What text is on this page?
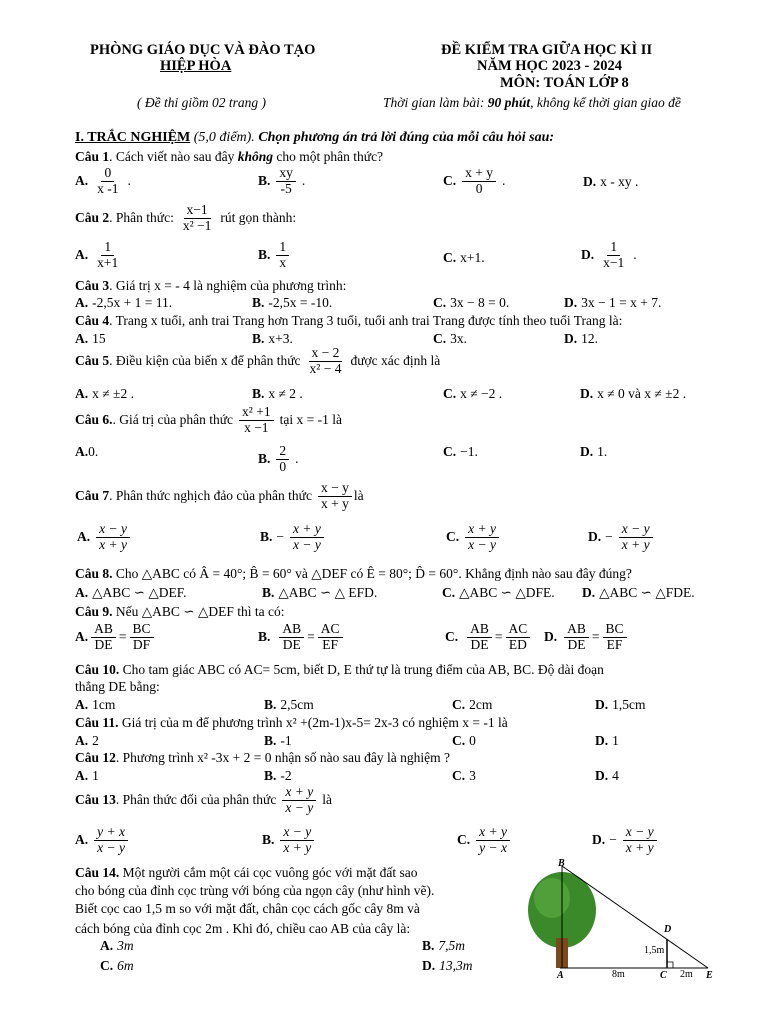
PHÒNG GIÁO DỤC VÀ ĐÀO TẠO
HIỆP HÒA
( Đề thi giồm 02 trang )
ĐỀ KIỂM TRA GIỮA HỌC KÌ II
NĂM HỌC 2023 - 2024
MÔN: TOÁN LỚP 8
Thời gian làm bài: 90 phút, không kể thời gian giao đề
I. TRẮC NGHIỆM (5,0 điểm). Chọn phương án trả lời đúng của mỗi câu hỏi sau:
Câu 1. Cách viết nào sau đây không cho một phân thức?
A. $\frac{0}{x -1}$ .	B. $\frac{xy}{-5}$ .	C. $\frac{x + y}{0}$ .	D. x - xy .
Câu 2 . Phân thức: $\frac{x-1}{\text{x² −1}}$ rút gọn thành:
A. $\frac{1}{x+1}$	B. $\frac{1}{x}$	C. x+1.	D. $\frac{1}{x-1}$ .
Câu 3. Giá trị x = - 4 là nghiệm của phương trình:
A. -2,5x + 1 = 11.	B. -2,5x = -10.	C. 3x − 8 = 0.	D. 3x − 1 = x + 7.
Câu 4. Trang x tuổi, anh trai Trang hơn Trang 3 tuổi, tuổi anh trai Trang được tính theo tuổi Trang là:
A. 15	B. x+3.	C. 3x.	D. 12.
Câu 5 . Điều kiện của biến x để phân thức $\frac{x - 2}{\text{x² − 4}}$ được xác định là
A. x ≠ ±2 .	B. x ≠ 2 .	C. x ≠ −2 .	D. x ≠ 0 và x ≠ ±2 .
Câu 6. . Giá trị của phân thức $\frac{\text{x² +1}}{x -1}$ tại x = -1 là
A. 0.	B. $\frac{2}{0}$ .	C. −1.	D. 1.
Câu 7 . Phân thức nghịch đảo của phân thức $\frac{x - y}{x + y}$ là
A. $\frac{x - y}{x + y}$	B. − $\frac{x + y}{x - y}$	C. $\frac{x + y}{x - y}$	D. − $\frac{x - y}{x + y}$
Câu 8. Cho △ABC có Â = 40°; B̂ = 60° và △DEF có Ê = 80°; D̂ = 60°. Khẳng định nào sau đây đúng?
A. △ABC ∽ △DEF.	B. △ABC ∽ △ EFD.	C. △ABC ∽ △DFE. D. △ABC ∽ △FDE.
Câu 9. Nếu △ABC ∽ △DEF thì ta có:
A. $\frac{AB}{DE} = \frac{BC}{DF}$	B. $\frac{AB}{DE} = \frac{AC}{EF}$	C. $\frac{AB}{DE} = \frac{AC}{ED} D$. $\frac{AB}{DE} = \frac{BC}{EF}$
Câu 10. Cho tam giác ABC có AC= 5cm, biết D, E thứ tự là trung điểm của AB, BC. Độ dài đoạn
thẳng DE bằng:
A. 1cm	B. 2,5cm	C. 2cm	D. 1,5cm
Câu 11. Giá trị của m để phương trình x² +(2m-1)x-5= 2x-3 có nghiệm x = -1 là
A. 2	B. -1	C. 0	D. 1
Câu 12. Phương trình x² -3x + 2 = 0 nhận số nào sau đây là nghiệm ?
A. 1	B. -2	C. 3	D. 4
Câu 13 . Phân thức đối của phân thức $\frac{x + y}{x - y}$ là
A. $\frac{y + x}{x - y}$	B. $\frac{x - y}{x + y}$	C. $\frac{x + y}{y - x}$	D. − $\frac{x - y}{x + y}$
Câu 14. Một người cắm một cái cọc vuông góc với mặt đất sao
cho bóng của đỉnh cọc trùng với bóng của ngọn cây (như hình vẽ).
Biết cọc cao 1,5 m so với mặt đất, chân cọc cách gốc cây 8m và
cách bóng của đỉnh cọc 2m . Khi đó, chiều cao AB của cây là:
A. 3m	B. 7,5m
C. 6m	D. 13,3m
B
D
A	C	E
1,5m
8m	2m
